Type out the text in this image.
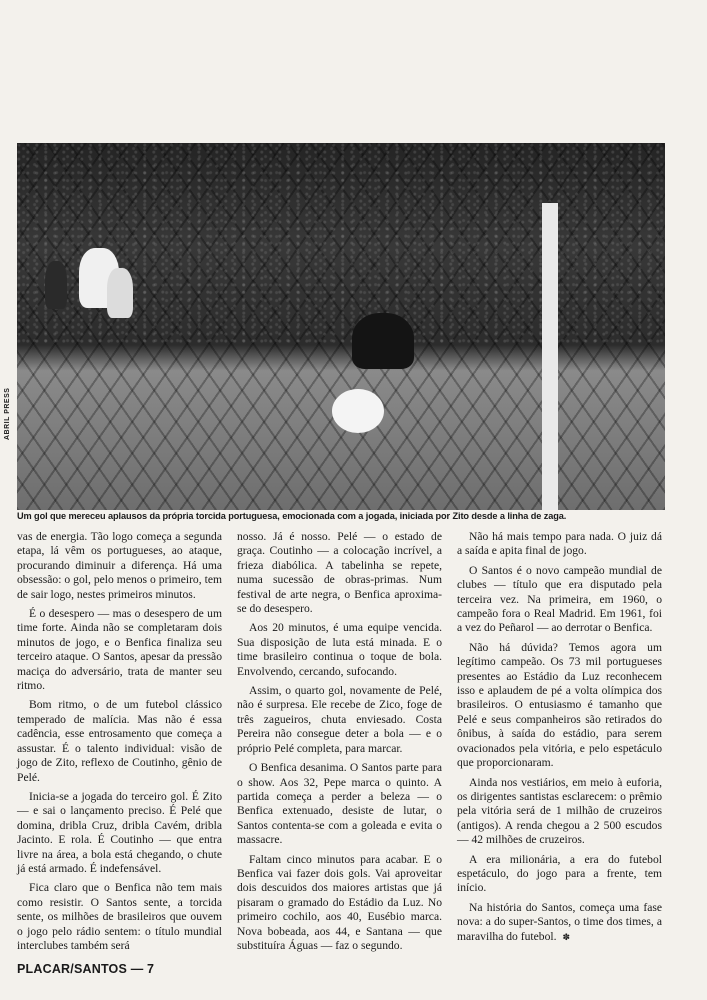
ABRIL PRESS
Um gol que mereceu aplausos da própria torcida portuguesa, emocionada com a jogada, iniciada por Zito desde a linha de zaga.

vas de energia. Tão logo começa a segunda etapa, lá vêm os portugueses, ao ataque, procurando diminuir a diferença. Há uma obsessão: o gol, pelo menos o primeiro, tem de sair logo, nestes primeiros minutos.

É o desespero — mas o desespero de um time forte. Ainda não se completaram dois minutos de jogo, e o Benfica finaliza seu terceiro ataque. O Santos, apesar da pressão maciça do adversário, trata de manter seu ritmo.

Bom ritmo, o de um futebol clássico temperado de malícia. Mas não é essa cadência, esse entrosamento que começa a assustar. É o talento individual: visão de jogo de Zito, reflexo de Coutinho, gênio de Pelé.

Inicia-se a jogada do terceiro gol. É Zito — e sai o lançamento preciso. É Pelé que domina, dribla Cruz, dribla Cavém, dribla Jacinto. E rola. É Coutinho — que entra livre na área, a bola está chegando, o chute já está armado. É indefensável.

Fica claro que o Benfica não tem mais como resistir. O Santos sente, a torcida sente, os milhões de brasileiros que ouvem o jogo pelo rádio sentem: o título mundial interclubes também será

nosso. Já é nosso. Pelé — o estado de graça. Coutinho — a colocação incrível, a frieza diabólica. A tabelinha se repete, numa sucessão de obras-primas. Num festival de arte negra, o Benfica aproxima-se do desespero.

Aos 20 minutos, é uma equipe vencida. Sua disposição de luta está minada. E o time brasileiro continua o toque de bola. Envolvendo, cercando, sufocando.

Assim, o quarto gol, novamente de Pelé, não é surpresa. Ele recebe de Zico, foge de três zagueiros, chuta enviesado. Costa Pereira não consegue deter a bola — e o próprio Pelé completa, para marcar.

O Benfica desanima. O Santos parte para o show. Aos 32, Pepe marca o quinto. A partida começa a perder a beleza — o Benfica extenuado, desiste de lutar, o Santos contenta-se com a goleada e evita o massacre.

Faltam cinco minutos para acabar. E o Benfica vai fazer dois gols. Vai aproveitar dois descuidos dos maiores artistas que já pisaram o gramado do Estádio da Luz. No primeiro cochilo, aos 40, Eusébio marca. Nova bobeada, aos 44, e Santana — que substituíra Águas — faz o segundo.

Não há mais tempo para nada. O juiz dá a saída e apita final de jogo.

O Santos é o novo campeão mundial de clubes — título que era disputado pela terceira vez. Na primeira, em 1960, o campeão fora o Real Madrid. Em 1961, foi a vez do Peñarol — ao derrotar o Benfica.

Não há dúvida? Temos agora um legítimo campeão. Os 73 mil portugueses presentes ao Estádio da Luz reconhecem isso e aplaudem de pé a volta olímpica dos brasileiros. O entusiasmo é tamanho que Pelé e seus companheiros são retirados do ônibus, à saída do estádio, para serem ovacionados pela vitória, e pelo espetáculo que proporcionaram.

Ainda nos vestiários, em meio à euforia, os dirigentes santistas esclarecem: o prêmio pela vitória será de 1 milhão de cruzeiros (antigos). A renda chegou a 2 500 escudos — 42 milhões de cruzeiros.

A era milionária, a era do futebol espetáculo, do jogo para a frente, tem início.

Na história do Santos, começa uma fase nova: a do super-Santos, o time dos times, a maravilha do futebol. ✽

PLACAR/SANTOS — 7
